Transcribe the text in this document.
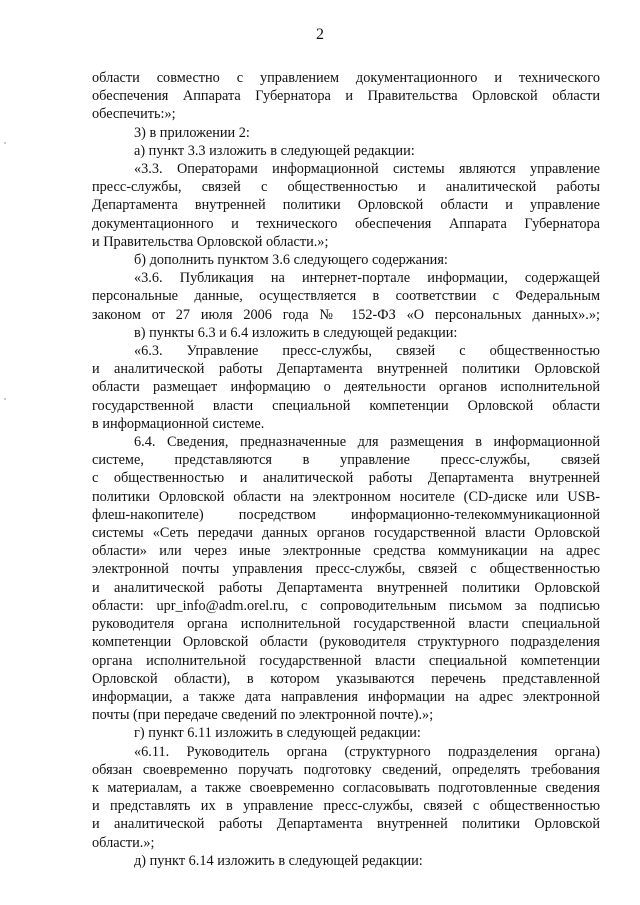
2
области совместно с управлением документационного и технического
обеспечения Аппарата Губернатора и Правительства Орловской области
обеспечить:»;
3) в приложении 2:
а) пункт 3.3 изложить в следующей редакции:
«3.3. Операторами информационной системы являются управление
пресс-службы, связей с общественностью и аналитической работы
Департамента внутренней политики Орловской области и управление
документационного и технического обеспечения Аппарата Губернатора
и Правительства Орловской области.»;
б) дополнить пунктом 3.6 следующего содержания:
«3.6. Публикация на интернет-портале информации, содержащей
персональные данные, осуществляется в соответствии с Федеральным
законом от 27 июля 2006 года № 152-ФЗ «О персональных данных».»;
в) пункты 6.3 и 6.4 изложить в следующей редакции:
«6.3. Управление пресс-службы, связей с общественностью
и аналитической работы Департамента внутренней политики Орловской
области размещает информацию о деятельности органов исполнительной
государственной власти специальной компетенции Орловской области
в информационной системе.
6.4. Сведения, предназначенные для размещения в информационной
системе, представляются в управление пресс-службы, связей
с общественностью и аналитической работы Департамента внутренней
политики Орловской области на электронном носителе (CD-диске или USB-
флеш-накопителе) посредством информационно-телекоммуникационной
системы «Сеть передачи данных органов государственной власти Орловской
области» или через иные электронные средства коммуникации на адрес
электронной почты управления пресс-службы, связей с общественностью
и аналитической работы Департамента внутренней политики Орловской
области: upr_info@adm.orel.ru, с сопроводительным письмом за подписью
руководителя органа исполнительной государственной власти специальной
компетенции Орловской области (руководителя структурного подразделения
органа исполнительной государственной власти специальной компетенции
Орловской области), в котором указываются перечень представленной
информации, а также дата направления информации на адрес электронной
почты (при передаче сведений по электронной почте).»;
г) пункт 6.11 изложить в следующей редакции:
«6.11. Руководитель органа (структурного подразделения органа)
обязан своевременно поручать подготовку сведений, определять требования
к материалам, а также своевременно согласовывать подготовленные сведения
и представлять их в управление пресс-службы, связей с общественностью
и аналитической работы Департамента внутренней политики Орловской
области.»;
д) пункт 6.14 изложить в следующей редакции:
